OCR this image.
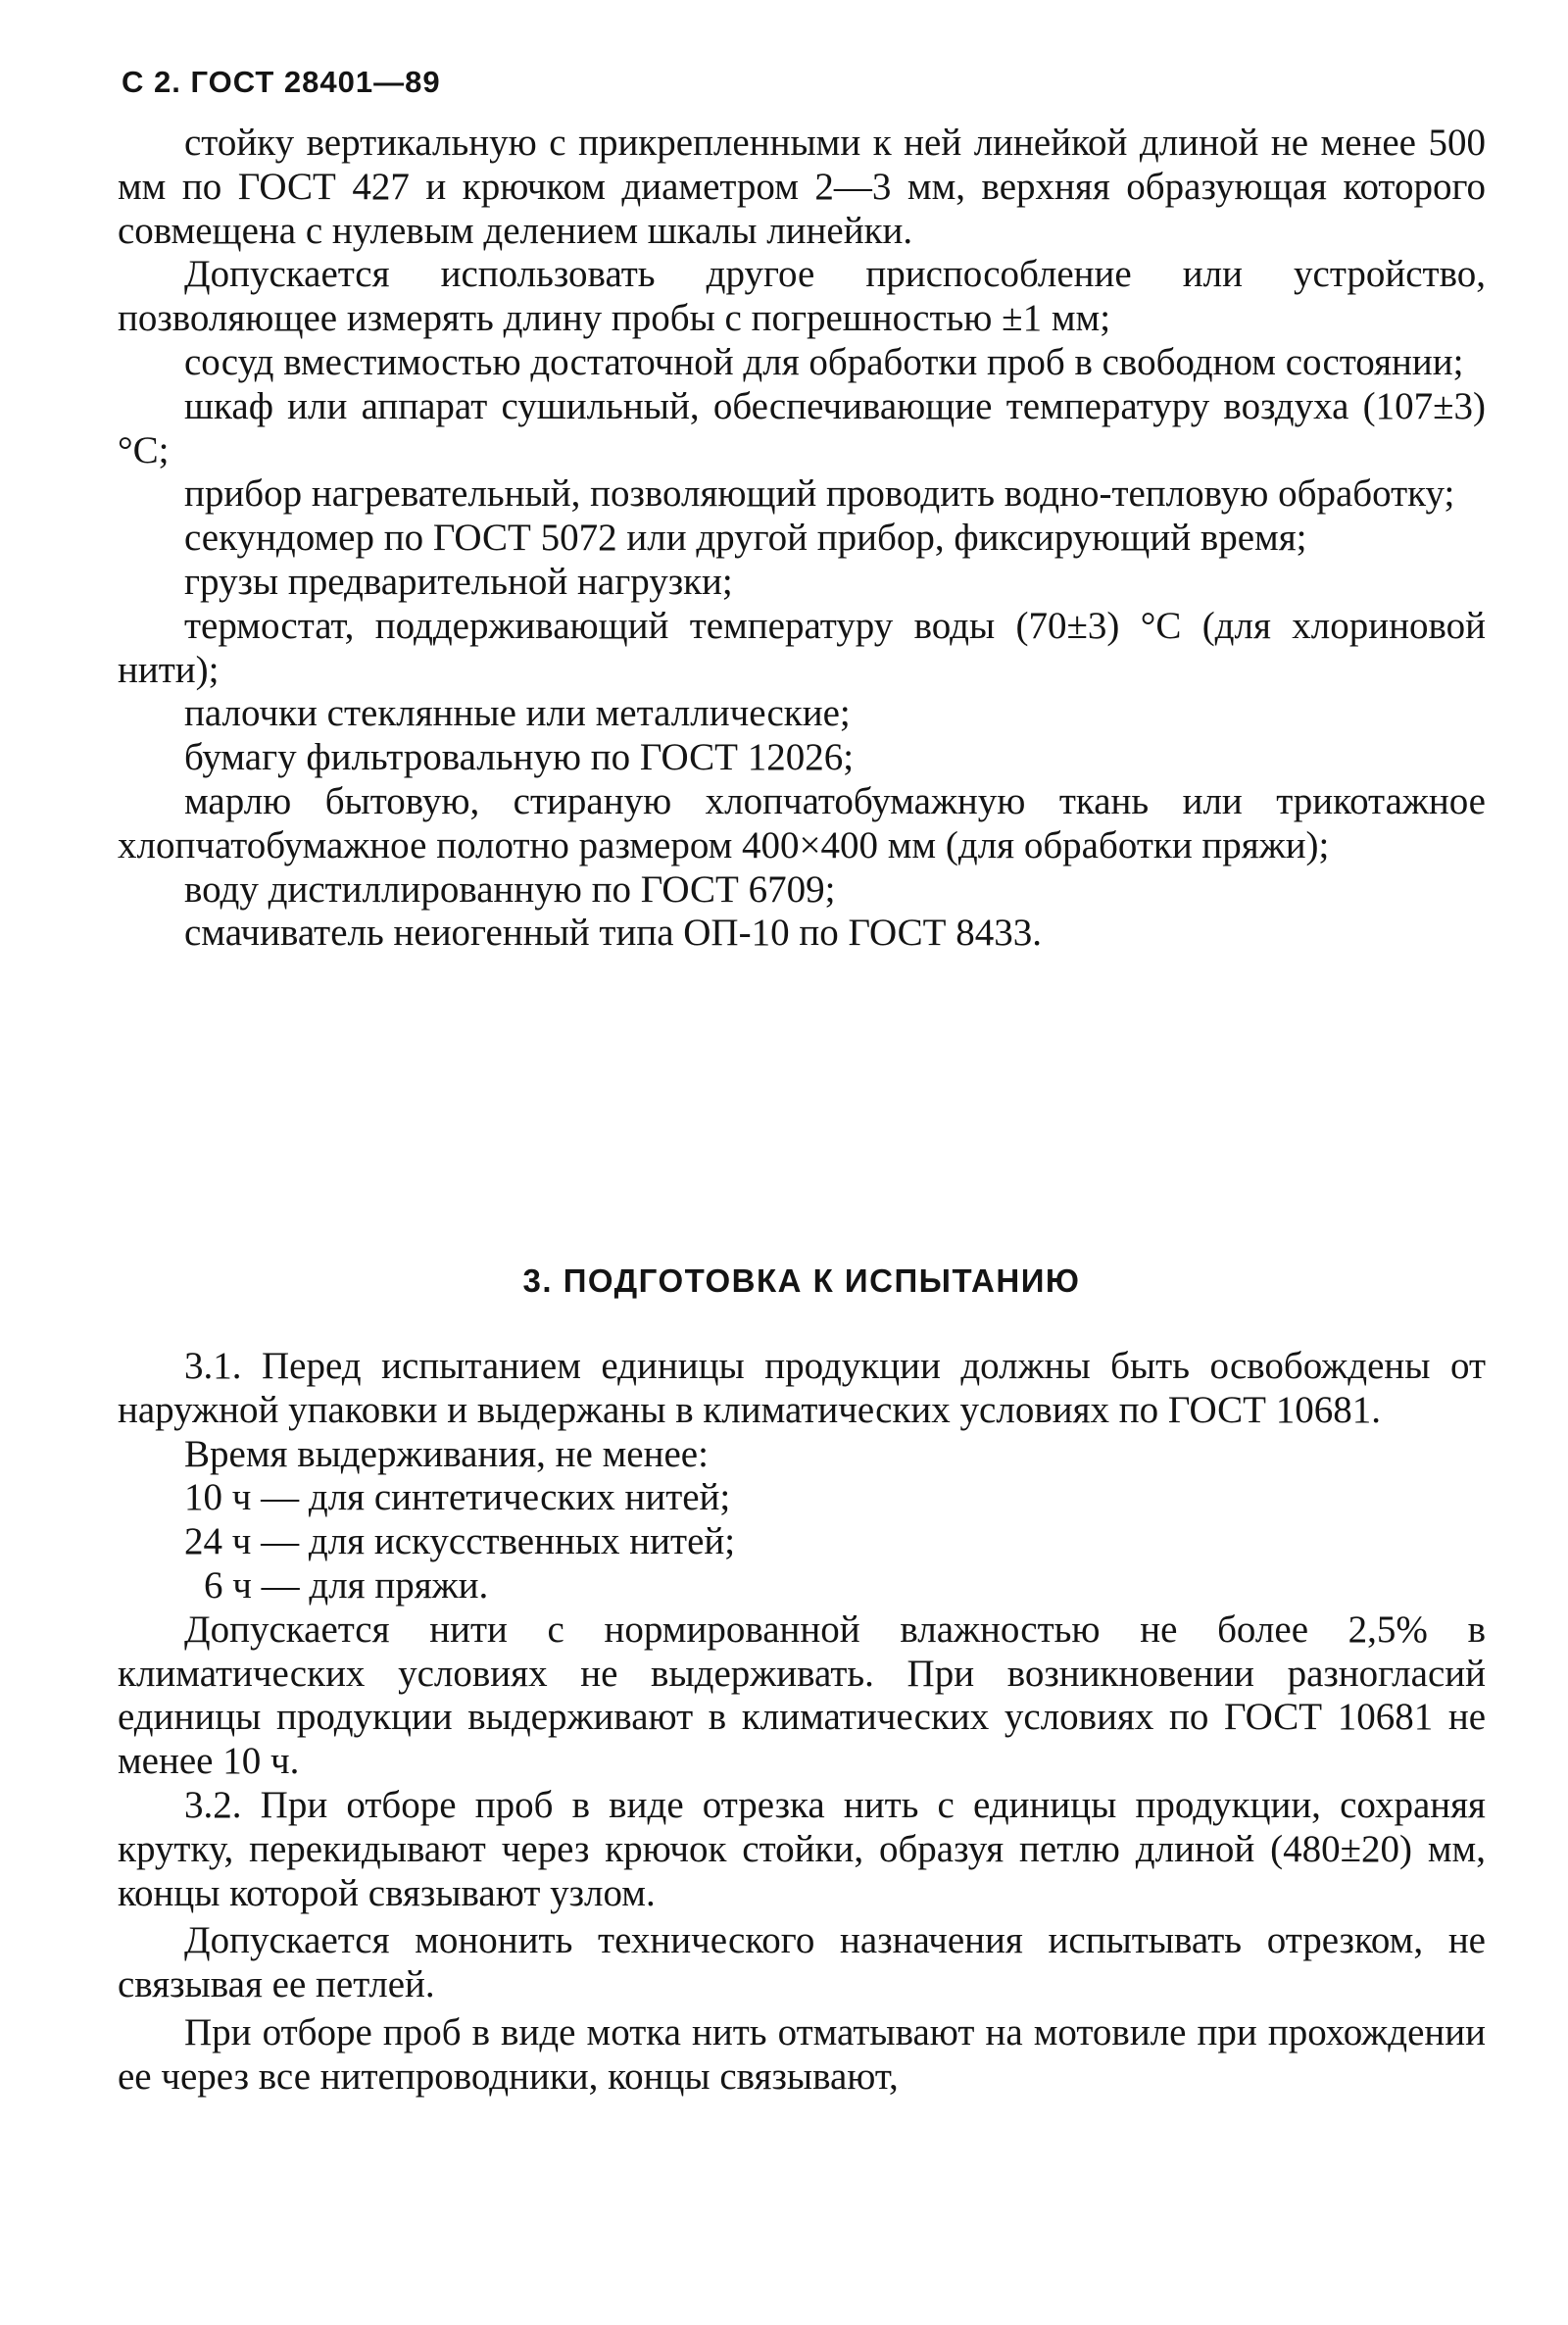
С 2. ГОСТ 28401—89

стойку вертикальную с прикрепленными к ней линейкой длиной не менее 500 мм по ГОСТ 427 и крючком диаметром 2—3 мм, верхняя образующая которого совмещена с нулевым делением шкалы линейки.

Допускается использовать другое приспособление или устройство, позволяющее измерять длину пробы с погрешностью ±1 мм;

сосуд вместимостью достаточной для обработки проб в свободном состоянии;

шкаф или аппарат сушильный, обеспечивающие температуру воздуха (107±3) °С;

прибор нагревательный, позволяющий проводить водно-тепловую обработку;

секундомер по ГОСТ 5072 или другой прибор, фиксирующий время;

грузы предварительной нагрузки;

термостат, поддерживающий температуру воды (70±3) °С (для хлориновой нити);

палочки стеклянные или металлические;

бумагу фильтровальную по ГОСТ 12026;

марлю бытовую, стираную хлопчатобумажную ткань или трикотажное хлопчатобумажное полотно размером 400×400 мм (для обработки пряжи);

воду дистиллированную по ГОСТ 6709;

смачиватель неиогенный типа ОП-10 по ГОСТ 8433.

3. ПОДГОТОВКА К ИСПЫТАНИЮ

3.1. Перед испытанием единицы продукции должны быть освобождены от наружной упаковки и выдержаны в климатических условиях по ГОСТ 10681.

Время выдерживания, не менее:

10 ч — для синтетических нитей;

24 ч — для искусственных нитей;

6 ч — для пряжи.

Допускается нити с нормированной влажностью не более 2,5% в климатических условиях не выдерживать. При возникновении разногласий единицы продукции выдерживают в климатических условиях по ГОСТ 10681 не менее 10 ч.

3.2. При отборе проб в виде отрезка нить с единицы продукции, сохраняя крутку, перекидывают через крючок стойки, образуя петлю длиной (480±20) мм, концы которой связывают узлом.

Допускается мононить технического назначения испытывать отрезком, не связывая ее петлей.

При отборе проб в виде мотка нить отматывают на мотовиле при прохождении ее через все нитепроводники, концы связывают,
